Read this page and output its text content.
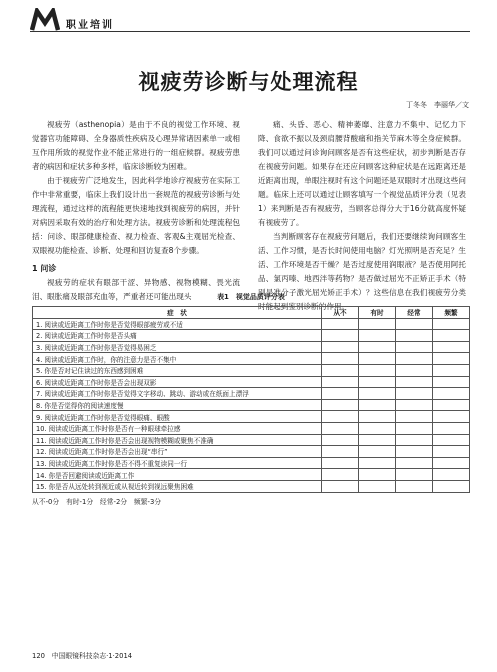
职业培训
视疲劳诊断与处理流程
丁冬冬　李丽华／文

视疲劳（asthenopia）是由于不良的视觉工作环境、视觉器官功能障碍、全身器质性疾病及心理异常诸因素单一或相互作用所致的视觉作业不能正常进行的一组症候群。视疲劳患者的病因和症状多种多样，临床诊断较为困难。

由于视疲劳广泛地发生，因此科学地诊疗视疲劳在实际工作中非常重要，临床上我们设计出一套规范的视疲劳诊断与处理流程，通过这样的流程能更快速地找到视疲劳的病因，并针对病因采取有效的治疗和处理方法。视疲劳诊断和处理流程包括：问诊、眼部健康检查、视力检查、客观&主观屈光检查、双眼视功能检查、诊断、处理和回访复查8个步骤。

1 问诊

视疲劳的症状有眼部干涩、异物感、视物模糊、畏光流泪、眼胀痛及眼部充血等，严重者还可能出现头

痛、头昏、恶心、精神萎靡、注意力不集中、记忆力下降、食欲不振以及颈肩腰背酸痛和指关节麻木等全身症候群。我们可以通过问诊询问顾客是否有这些症状，初步判断是否存在视疲劳问题。如果存在还应问顾客这种症状是在远距离还是近距离出现，单眼注视时有这个问题还是双眼时才出现这些问题。临床上还可以通过让顾客填写一个视觉品质评分表（见表1）来判断是否有视疲劳，当顾客总得分大于16分就高度怀疑有视疲劳了。

当判断顾客存在视疲劳问题后，我们还要继续询问顾客生活、工作习惯，是否长时间使用电脑？灯光照明是否充足？生活、工作环境是否干燥？是否过度使用润眼液？是否使用阿托品、氯丙嗪、地西泮等药物？是否做过屈光不正矫正手术（特别是准分子激光屈光矫正手术）？这些信息在我们视疲劳分类时能起到鉴别诊断的作用。

表1　视觉品质评分表
症　状	从不	有时	经常	频繁
1. 阅读或近距离工作时你是否觉得眼部疲劳或不适				
2. 阅读或近距离工作时你是否头痛				
3. 阅读或近距离工作时你是否觉得易困乏				
4. 阅读或近距离工作时，你的注意力是否不集中				
5. 你是否对记住读过的东西感到困难				
6. 阅读或近距离工作时你是否会出现双影				
7. 阅读或近距离工作时你是否觉得文字移动、跳动、游动或在纸面上漂浮				
8. 你是否觉得你的阅读速度慢				
9. 阅读或近距离工作时你是否觉得眼痛、眼酸				
10. 阅读或近距离工作时你是否有一种眼球牵拉感				
11. 阅读或近距离工作时你是否会出现视物模糊或聚焦不准确				
12. 阅读或近距离工作时你是否会出现“串行”				
13. 阅读或近距离工作时你是否不得不重复读同一行				
14. 你是否回避阅读或近距离工作				
15. 你是否从远处转到视近或从视近转到视远聚焦困难				
从不-0分　有时-1分　经常-2分　频繁-3分
120　中国眼镜科技杂志·1·2014
